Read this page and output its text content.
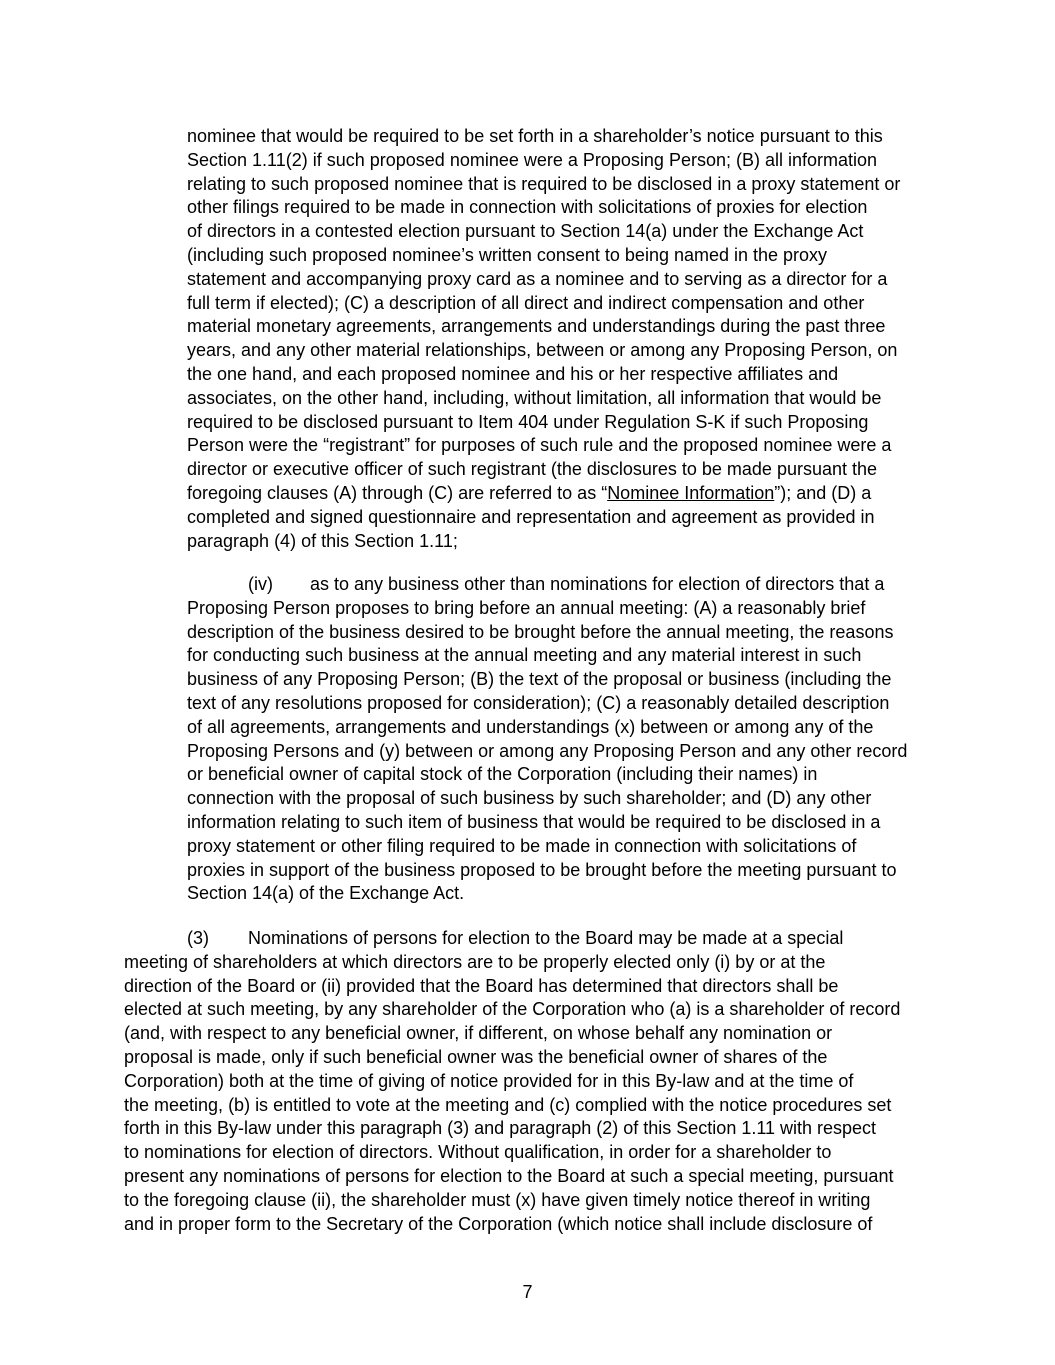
nominee that would be required to be set forth in a shareholder’s notice pursuant to this
Section 1.11(2) if such proposed nominee were a Proposing Person; (B) all information
relating to such proposed nominee that is required to be disclosed in a proxy statement or
other filings required to be made in connection with solicitations of proxies for election
of directors in a contested election pursuant to Section 14(a) under the Exchange Act
(including such proposed nominee’s written consent to being named in the proxy
statement and accompanying proxy card as a nominee and to serving as a director for a
full term if elected); (C) a description of all direct and indirect compensation and other
material monetary agreements, arrangements and understandings during the past three
years, and any other material relationships, between or among any Proposing Person, on
the one hand, and each proposed nominee and his or her respective affiliates and
associates, on the other hand, including, without limitation, all information that would be
required to be disclosed pursuant to Item 404 under Regulation S-K if such Proposing
Person were the “registrant” for purposes of such rule and the proposed nominee were a
director or executive officer of such registrant (the disclosures to be made pursuant the
foregoing clauses (A) through (C) are referred to as “Nominee Information”); and (D) a
completed and signed questionnaire and representation and agreement as provided in
paragraph (4) of this Section 1.11;
(iv) as to any business other than nominations for election of directors that a
Proposing Person proposes to bring before an annual meeting: (A) a reasonably brief
description of the business desired to be brought before the annual meeting, the reasons
for conducting such business at the annual meeting and any material interest in such
business of any Proposing Person; (B) the text of the proposal or business (including the
text of any resolutions proposed for consideration); (C) a reasonably detailed description
of all agreements, arrangements and understandings (x) between or among any of the
Proposing Persons and (y) between or among any Proposing Person and any other record
or beneficial owner of capital stock of the Corporation (including their names) in
connection with the proposal of such business by such shareholder; and (D) any other
information relating to such item of business that would be required to be disclosed in a
proxy statement or other filing required to be made in connection with solicitations of
proxies in support of the business proposed to be brought before the meeting pursuant to
Section 14(a) of the Exchange Act.
(3) Nominations of persons for election to the Board may be made at a special
meeting of shareholders at which directors are to be properly elected only (i) by or at the
direction of the Board or (ii) provided that the Board has determined that directors shall be
elected at such meeting, by any shareholder of the Corporation who (a) is a shareholder of record
(and, with respect to any beneficial owner, if different, on whose behalf any nomination or
proposal is made, only if such beneficial owner was the beneficial owner of shares of the
Corporation) both at the time of giving of notice provided for in this By-law and at the time of
the meeting, (b) is entitled to vote at the meeting and (c) complied with the notice procedures set
forth in this By-law under this paragraph (3) and paragraph (2) of this Section 1.11 with respect
to nominations for election of directors. Without qualification, in order for a shareholder to
present any nominations of persons for election to the Board at such a special meeting, pursuant
to the foregoing clause (ii), the shareholder must (x) have given timely notice thereof in writing
and in proper form to the Secretary of the Corporation (which notice shall include disclosure of
7
